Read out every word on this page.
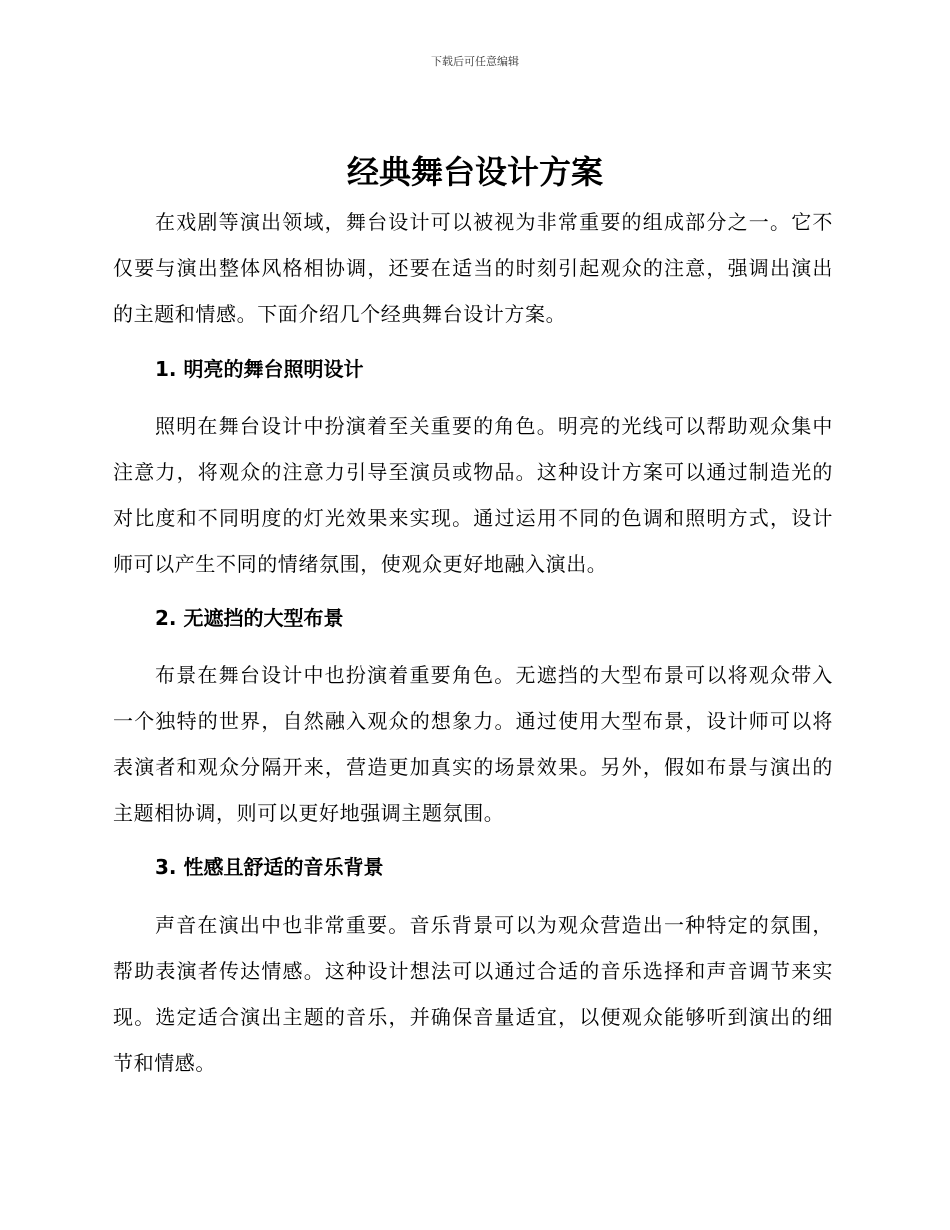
下载后可任意编辑
经典舞台设计方案

在戏剧等演出领域，舞台设计可以被视为非常重要的组成部分之一。它不仅要与演出整体风格相协调，还要在适当的时刻引起观众的注意，强调出演出的主题和情感。下面介绍几个经典舞台设计方案。

1. 明亮的舞台照明设计

照明在舞台设计中扮演着至关重要的角色。明亮的光线可以帮助观众集中注意力，将观众的注意力引导至演员或物品。这种设计方案可以通过制造光的对比度和不同明度的灯光效果来实现。通过运用不同的色调和照明方式，设计师可以产生不同的情绪氛围，使观众更好地融入演出。

2. 无遮挡的大型布景

布景在舞台设计中也扮演着重要角色。无遮挡的大型布景可以将观众带入一个独特的世界，自然融入观众的想象力。通过使用大型布景，设计师可以将表演者和观众分隔开来，营造更加真实的场景效果。另外，假如布景与演出的主题相协调，则可以更好地强调主题氛围。

3. 性感且舒适的音乐背景

声音在演出中也非常重要。音乐背景可以为观众营造出一种特定的氛围，帮助表演者传达情感。这种设计想法可以通过合适的音乐选择和声音调节来实现。选定适合演出主题的音乐，并确保音量适宜，以便观众能够听到演出的细节和情感。
